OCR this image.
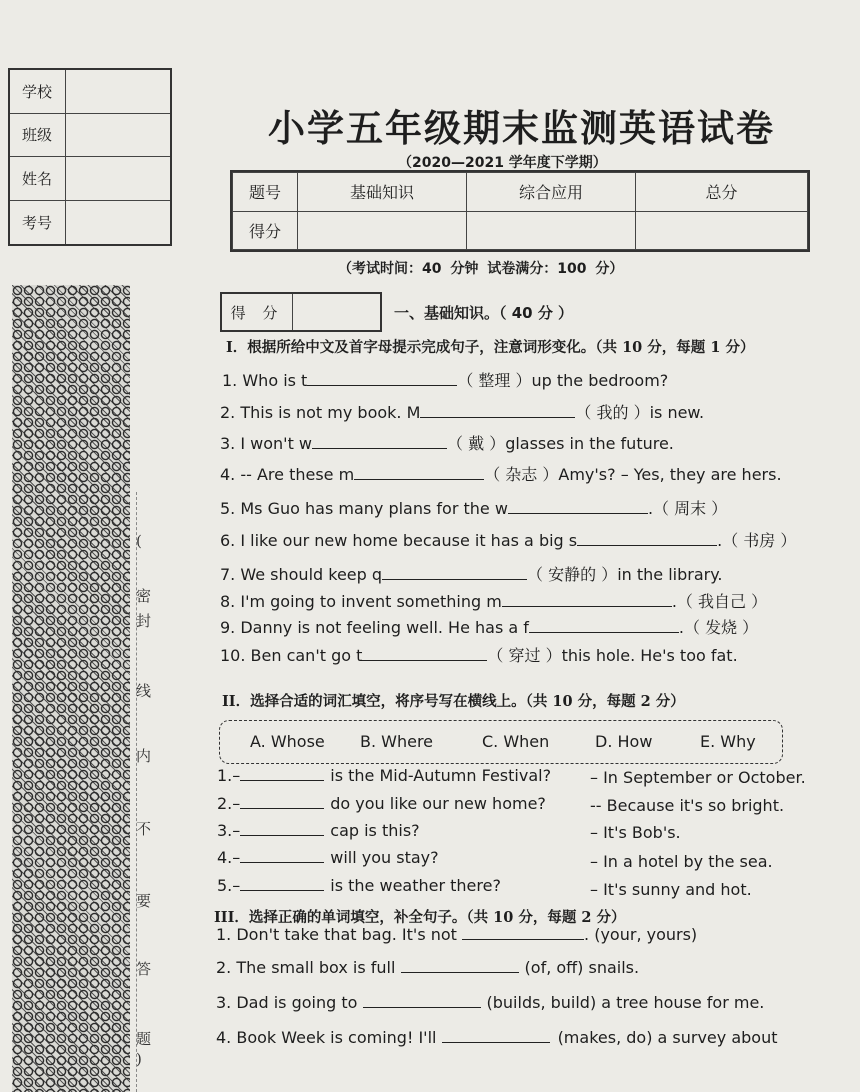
学校
班级
姓名
考号
(
密
封
线
内
不
要
答
题
)
小学五年级期末监测英语试卷
（2020—2021 学年度下学期）
题号	基础知识	综合应用	总分
得分			
（考试时间：40 分钟 试卷满分：100 分）
得 分	一、基础知识。（ 40 分 ）
I．根据所给中文及首字母提示完成句子，注意词形变化。（共 10 分，每题 1 分）
1. Who is t	（ 整理 ）up the bedroom?
2. This is not my book. M	（ 我的 ）is new.
3. I won't w	（ 戴 ）glasses in the future.
4. -- Are these m	（ 杂志 ）Amy's? – Yes, they are hers.
5. Ms Guo has many plans for the w	.（ 周末 ）
6. I like our new home because it has a big s	.（ 书房 ）
7. We should keep q	（ 安静的 ）in the library.
8. I'm going to invent something m	.（ 我自己 ）
9. Danny is not feeling well. He has a f	.（ 发烧 ）
10. Ben can't go t	（ 穿过 ）this hole. He's too fat.
II．选择合适的词汇填空，将序号写在横线上。（共 10 分，每题 2 分）
A. Whose B. Where	C. When	D. How	E. Why
1.–	is the Mid-Autumn Festival? – In September or October.
2.–	do you like our new home?	-- Because it's so bright.
3.–	cap is this?	– It's Bob's.
4.–	will you stay?	– In a hotel by the sea.
5.–	is the weather there?	– It's sunny and hot.
III．选择正确的单词填空，补全句子。（共 10 分，每题 2 分）
1. Don't take that bag. It's not	. (your, yours)
2. The small box is full	(of, off) snails.
3. Dad is going to	(builds, build) a tree house for me.
4. Book Week is coming! I'll	(makes, do) a survey about
